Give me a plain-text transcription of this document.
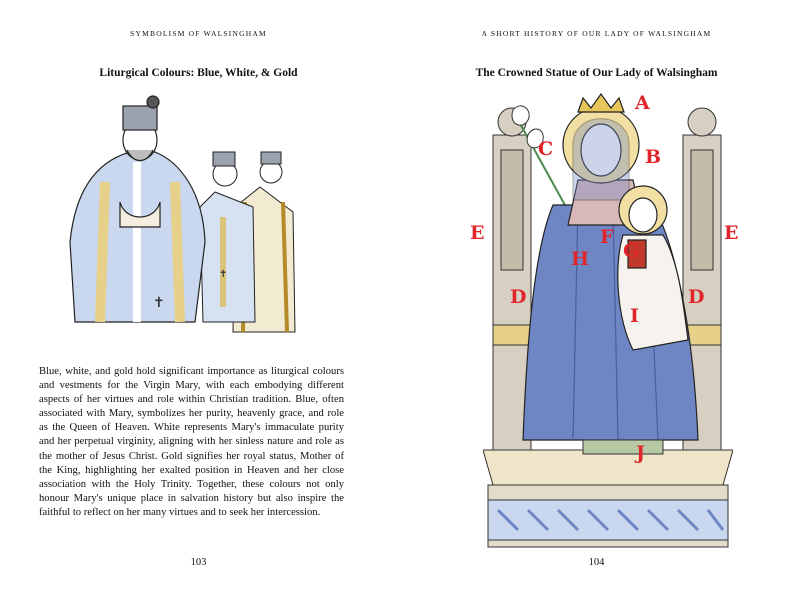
SYMBOLISM OF WALSINGHAM
Liturgical Colours: Blue, White, & Gold
✝
✝
Blue, white, and gold hold significant importance as liturgical colours and vestments for the Virgin Mary, with each embodying different aspects of her virtues and role within Christian tradition. Blue, often associated with Mary, symbolizes her purity, heavenly grace, and role as the Queen of Heaven. White represents Mary's immaculate purity and her perpetual virginity, aligning with her sinless nature and role as the mother of Jesus Christ. Gold signifies her royal status, Mother of the King, highlighting her exalted position in Heaven and her close association with the Holy Trinity. Together, these colours not only honour Mary's unique place in salvation history but also inspire the faithful to reflect on her many virtues and to seek her intercession.
103
A SHORT HISTORY OF OUR LADY OF WALSINGHAM
The Crowned Statue of Our Lady of Walsingham
A
B
C
E	E
F
G
H
D	D
I
J
104
